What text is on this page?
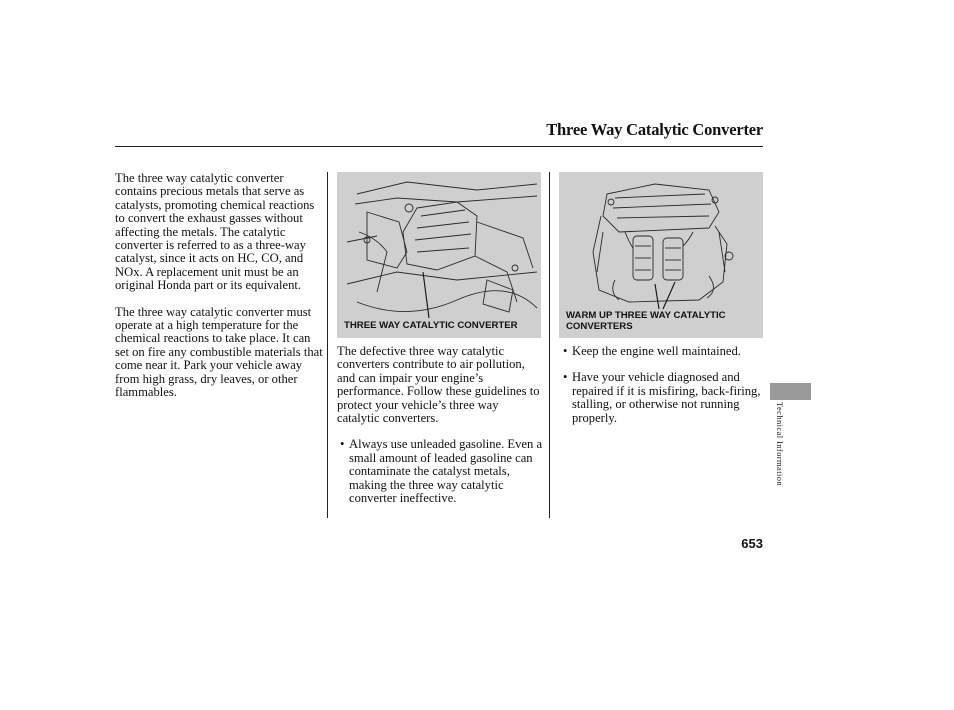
Three Way Catalytic Converter

The three way catalytic converter contains precious metals that serve as catalysts, promoting chemical reactions to convert the exhaust gasses without affecting the metals. The catalytic converter is referred to as a three-way catalyst, since it acts on HC, CO, and NOx. A replacement unit must be an original Honda part or its equivalent.

The three way catalytic converter must operate at a high temperature for the chemical reactions to take place. It can set on fire any combustible materials that come near it. Park your vehicle away from high grass, dry leaves, or other flammables.

THREE WAY CATALYTIC CONVERTER
WARM UP THREE WAY CATALYTIC CONVERTERS

The defective three way catalytic converters contribute to air pollution, and can impair your engine’s performance. Follow these guidelines to protect your vehicle’s three way catalytic converters.

• Always use unleaded gasoline. Even a small amount of leaded gasoline can contaminate the catalyst metals, making the three way catalytic converter ineffective.
• Keep the engine well maintained.
• Have your vehicle diagnosed and repaired if it is misfiring, back-firing, stalling, or otherwise not running properly.
653
Technical Information
